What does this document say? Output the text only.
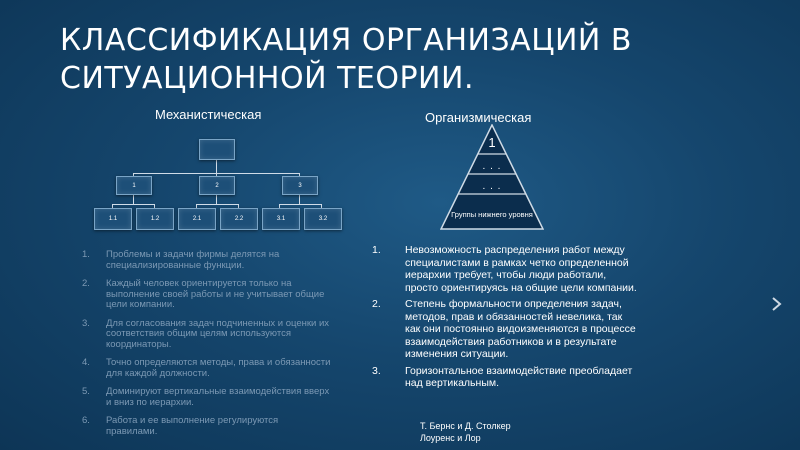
КЛАССИФИКАЦИЯ ОРГАНИЗАЦИЙ В
СИТУАЦИОННОЙ ТЕОРИИ.
Механистическая	Организмическая
1	2	3
1.1	1.2	2.1	2.2	3.1	3.2
1
. . .
. . .
Группы нижнего уровня
1. Проблемы и задачи фирмы делятся на специализированные функции.
2. Каждый человек ориентируется только на выполнение своей работы и не учитывает общие цели компании.
3. Для согласования задач подчиненных и оценки их соответствия общим целям используются координаторы.
4. Точно определяются методы, права и обязанности для каждой должности.
5. Доминируют вертикальные взаимодействия вверх и вниз по иерархии.
6. Работа и ее выполнение регулируются правилами.
1. Невозможность распределения работ между специалистами в рамках четко определенной иерархии требует, чтобы люди работали, просто ориентируясь на общие цели компании.
2. Степень формальности определения задач, методов, прав и обязанностей невелика, так как они постоянно видоизменяются в процессе взаимодействия работников и в результате изменения ситуации.
3. Горизонтальное взаимодействие преобладает над вертикальным.
Т. Бернс и Д. Столкер
Лоуренс и Лор
